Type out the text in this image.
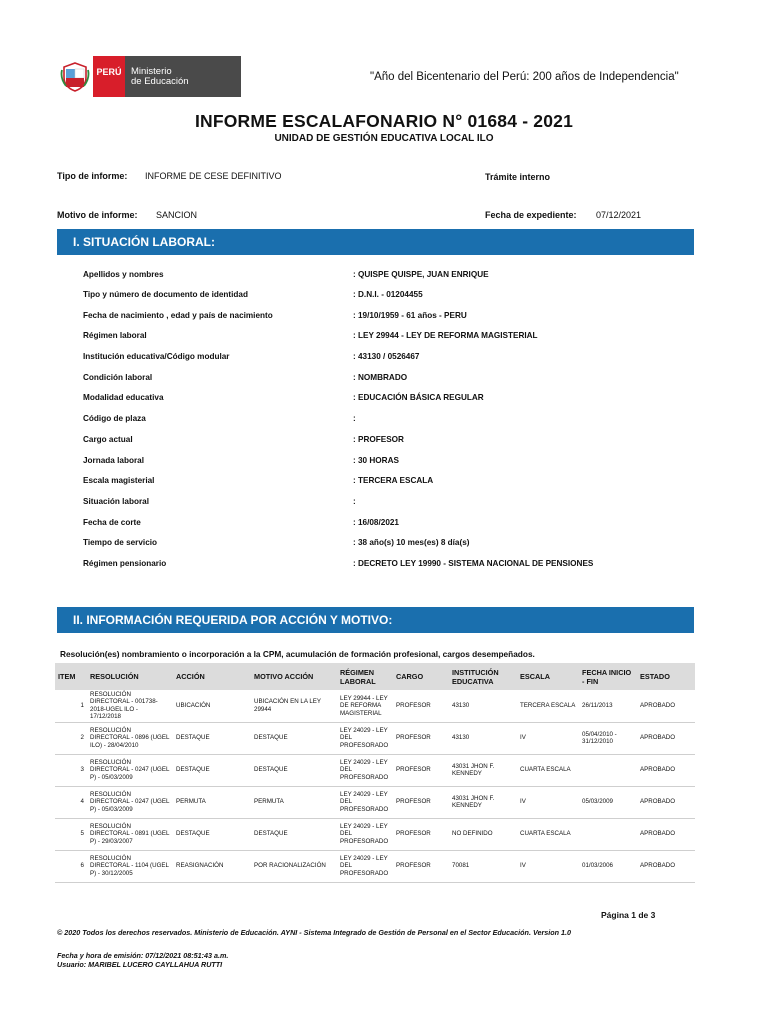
PERÚ	Ministerio
de Educación	"Año del Bicentenario del Perú: 200 años de Independencia"
INFORME ESCALAFONARIO N° 01684 - 2021
UNIDAD DE GESTIÓN EDUCATIVA LOCAL ILO
Tipo de informe: INFORME DE CESE DEFINITIVO	Trámite interno
Motivo de informe: SANCION	Fecha de expediente: 07/12/2021
I. SITUACIÓN LABORAL:
Apellidos y nombres	: QUISPE QUISPE, JUAN ENRIQUE
Tipo y número de documento de identidad	: D.N.I. - 01204455
Fecha de nacimiento , edad y país de nacimiento	: 19/10/1959 - 61 años - PERU
Régimen laboral	: LEY 29944 - LEY DE REFORMA MAGISTERIAL
Institución educativa/Código modular	: 43130 / 0526467
Condición laboral	: NOMBRADO
Modalidad educativa	: EDUCACIÓN BÁSICA REGULAR
Código de plaza	:
Cargo actual	: PROFESOR
Jornada laboral	: 30 HORAS
Escala magisterial	: TERCERA ESCALA
Situación laboral	:
Fecha de corte	: 16/08/2021
Tiempo de servicio	: 38 año(s) 10 mes(es) 8 día(s)
Régimen pensionario	: DECRETO LEY 19990 - SISTEMA NACIONAL DE PENSIONES
II. INFORMACIÓN REQUERIDA POR ACCIÓN Y MOTIVO:
Resolución(es) nombramiento o incorporación a la CPM, acumulación de formación profesional, cargos desempeñados.
ITEM	RESOLUCIÓN	ACCIÓN	MOTIVO ACCIÓN	RÉGIMEN LABORAL	CARGO	INSTITUCIÓN EDUCATIVA	ESCALA	FECHA INICIO - FIN	ESTADO
1	RESOLUCIÓN DIRECTORAL - 001738-2018-UGEL ILO - 17/12/2018	UBICACIÓN	UBICACIÓN EN LA LEY 29944	LEY 29944 - LEY DE REFORMA MAGISTERIAL	PROFESOR	43130	TERCERA ESCALA	26/11/2013	APROBADO
2	RESOLUCIÓN DIRECTORAL - 0896 (UGEL ILO) - 28/04/2010	DESTAQUE	DESTAQUE	LEY 24029 - LEY DEL PROFESORADO	PROFESOR	43130	IV	05/04/2010 - 31/12/2010	APROBADO
3	RESOLUCIÓN DIRECTORAL - 0247 (UGEL P) - 05/03/2009	DESTAQUE	DESTAQUE	LEY 24029 - LEY DEL PROFESORADO	PROFESOR	43031 JHON F. KENNEDY	CUARTA ESCALA		APROBADO
4	RESOLUCIÓN DIRECTORAL - 0247 (UGEL P) - 05/03/2009	PERMUTA	PERMUTA	LEY 24029 - LEY DEL PROFESORADO	PROFESOR	43031 JHON F. KENNEDY	IV	05/03/2009	APROBADO
5	RESOLUCIÓN DIRECTORAL - 0891 (UGEL P) - 29/03/2007	DESTAQUE	DESTAQUE	LEY 24029 - LEY DEL PROFESORADO	PROFESOR	NO DEFINIDO	CUARTA ESCALA		APROBADO
6	RESOLUCIÓN DIRECTORAL - 1104 (UGEL P) - 30/12/2005	REASIGNACIÓN	POR RACIONALIZACIÓN	LEY 24029 - LEY DEL PROFESORADO	PROFESOR	70081	IV	01/03/2006	APROBADO
Página 1 de 3
© 2020 Todos los derechos reservados. Ministerio de Educación. AYNI - Sistema Integrado de Gestión de Personal en el Sector Educación. Version 1.0
Fecha y hora de emisión: 07/12/2021 08:51:43 a.m.
Usuario: MARIBEL LUCERO CAYLLAHUA RUTTI
